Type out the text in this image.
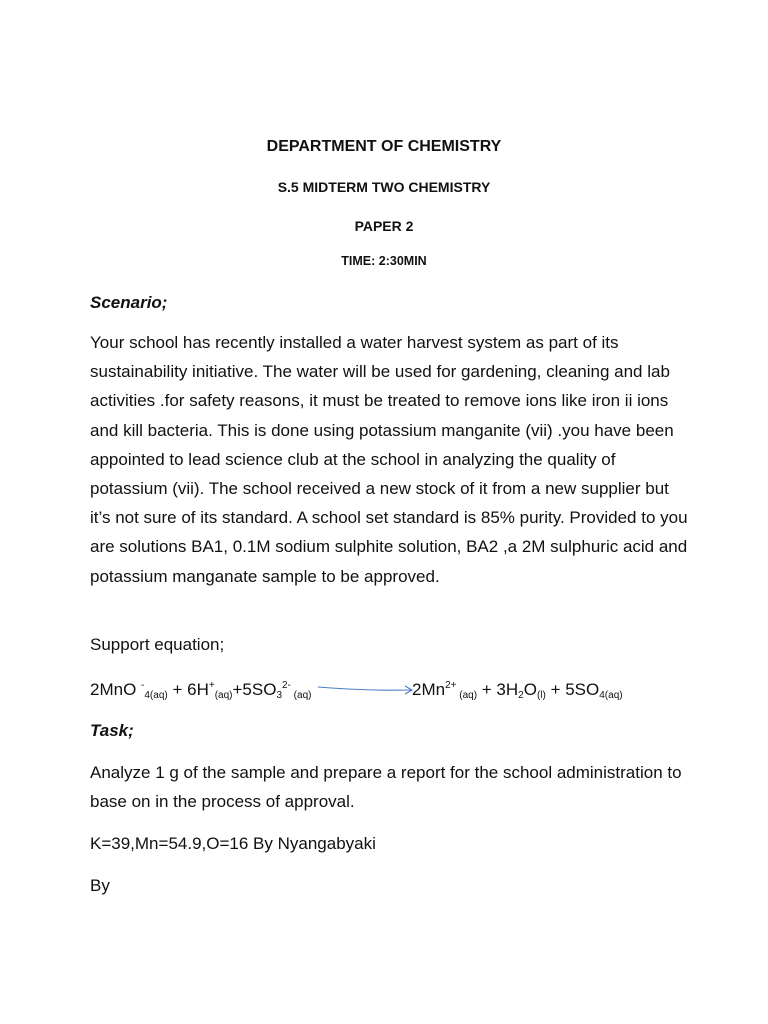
DEPARTMENT OF CHEMISTRY
S.5 MIDTERM TWO CHEMISTRY
PAPER 2
TIME: 2:30MIN
Scenario;
Your school has recently installed a water harvest system as part of its sustainability initiative. The water will be used for gardening, cleaning and lab activities .for safety reasons, it must be treated to remove ions like iron ii ions and kill bacteria. This is done using potassium manganite (vii) .you have been appointed to lead science club at the school in analyzing the quality of potassium (vii). The school received a new stock of it from a new supplier but it’s not sure of its standard. A school set standard is 85% purity. Provided to you are solutions BA1, 0.1M sodium sulphite solution, BA2 ,a 2M sulphuric acid and potassium manganate sample to be approved.
Support equation;
2MnO $^-_{4(aq)} + 6H^+_{(aq)}+5SO_3^{2-}$ $_{(aq)}$	$2Mn^{2+}$ $_{(aq)} + 3H_2O_{(l)} + 5SO_{4(aq)}$
Task;
Analyze 1 g of the sample and prepare a report for the school administration to base on in the process of approval.
K=39,Mn=54.9,O=16 By Nyangabyaki
By
